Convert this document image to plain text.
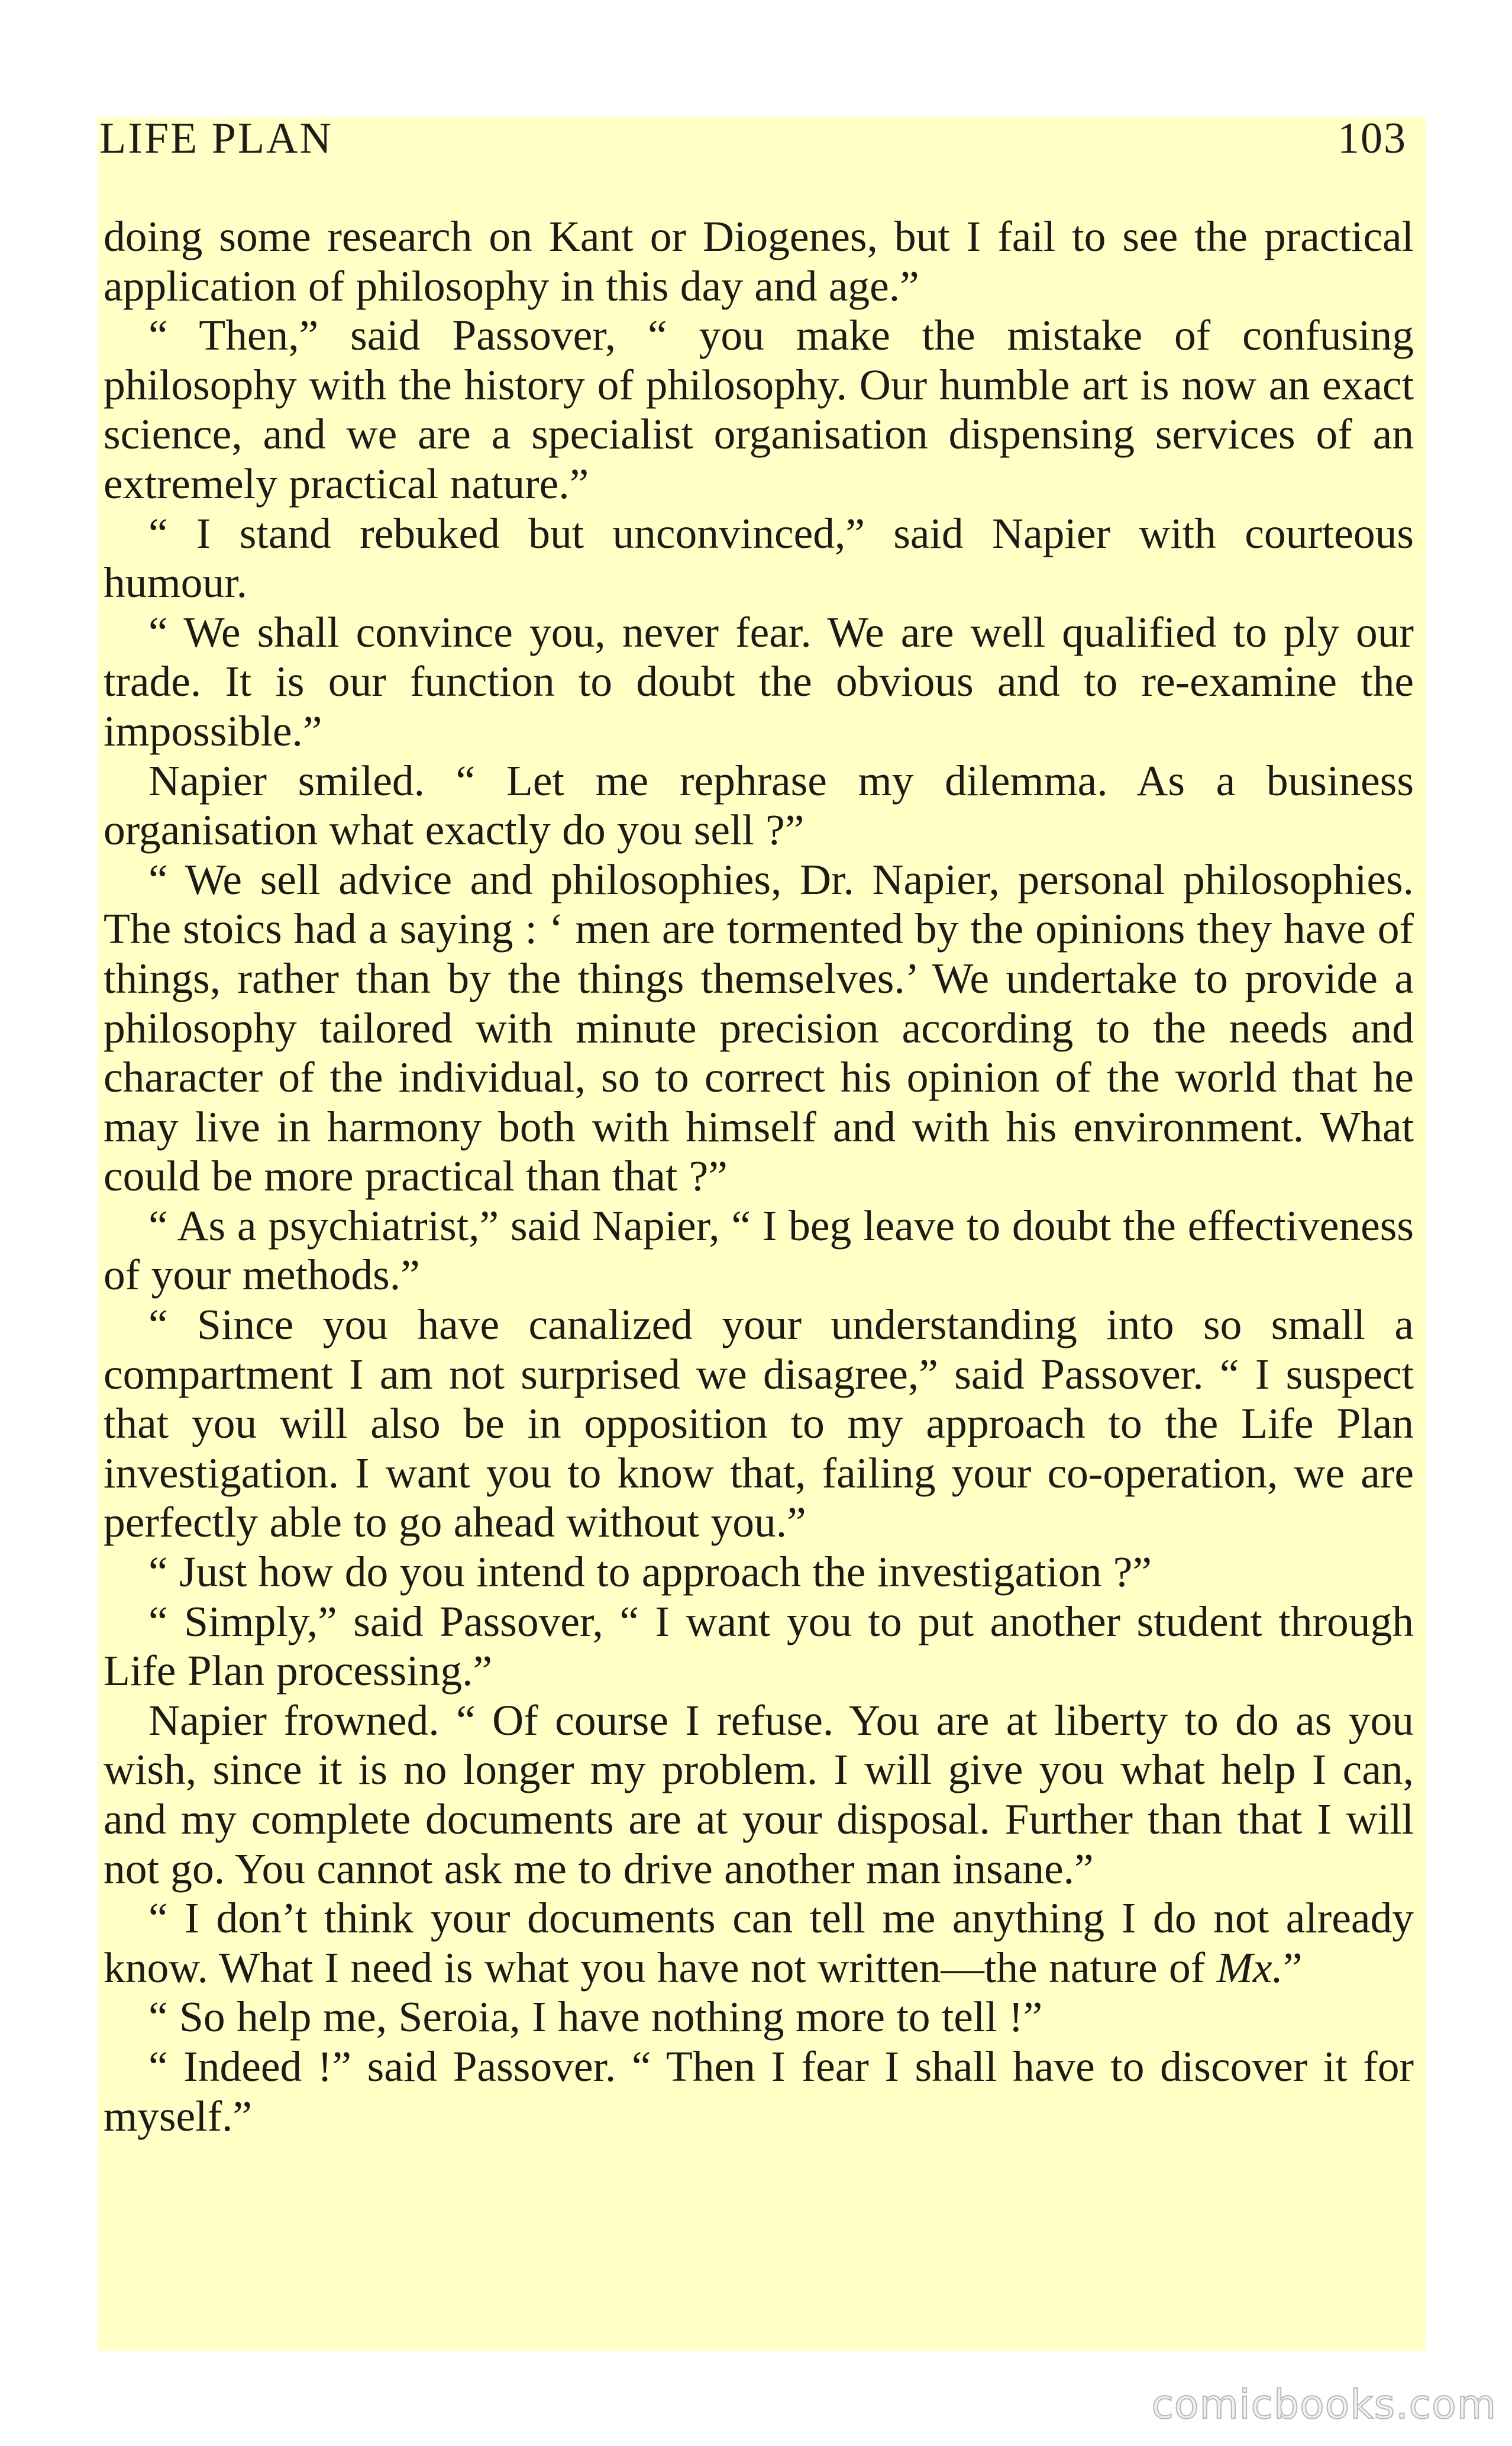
LIFE PLAN	103

doing some research on Kant or Diogenes, but I fail to see the practical application of philosophy in this day and age.”

“ Then,” said Passover, “ you make the mistake of confusing philosophy with the history of philosophy. Our humble art is now an exact science, and we are a specialist organisation dispensing services of an extremely practical nature.”

“ I stand rebuked but unconvinced,” said Napier with courteous humour.

“ We shall convince you, never fear. We are well qualified to ply our trade. It is our function to doubt the obvious and to re-examine the impossible.”

Napier smiled. “ Let me rephrase my dilemma. As a business organisation what exactly do you sell ?”

“ We sell advice and philosophies, Dr. Napier, personal philosophies. The stoics had a saying : ‘ men are tormented by the opinions they have of things, rather than by the things themselves.’ We undertake to provide a philosophy tailored with minute precision according to the needs and character of the individual, so to correct his opinion of the world that he may live in harmony both with himself and with his environment. What could be more practical than that ?”

“ As a psychiatrist,” said Napier, “ I beg leave to doubt the effectiveness of your methods.”

“ Since you have canalized your understanding into so small a compartment I am not surprised we disagree,” said Passover. “ I suspect that you will also be in opposition to my approach to the Life Plan investigation. I want you to know that, failing your co-operation, we are perfectly able to go ahead without you.”

“ Just how do you intend to approach the investigation ?”

“ Simply,” said Passover, “ I want you to put another student through Life Plan processing.”

Napier frowned. “ Of course I refuse. You are at liberty to do as you wish, since it is no longer my problem. I will give you what help I can, and my complete documents are at your disposal. Further than that I will not go. You cannot ask me to drive another man insane.”

“ I don’t think your documents can tell me anything I do not already know. What I need is what you have not written—the nature of Mx.”

“ So help me, Seroia, I have nothing more to tell !”

“ Indeed !” said Passover. “ Then I fear I shall have to discover it for myself.”

comicbooks.com
